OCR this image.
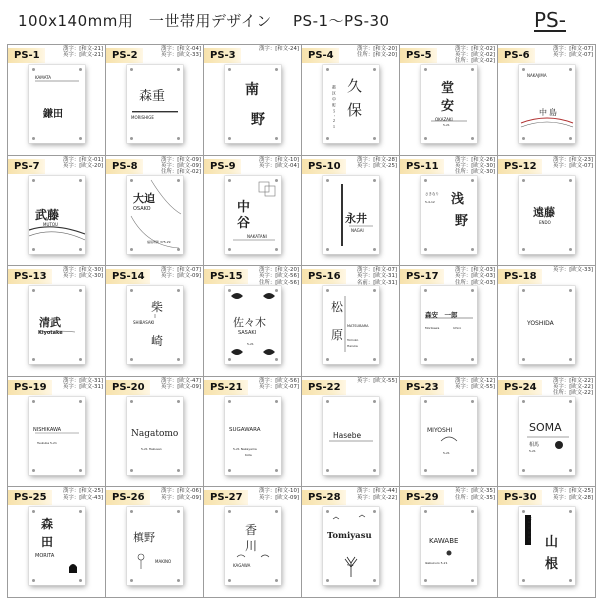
100x140mm用　一世帯用デザイン PS-1〜PS-30	PS-
PS-1
漢字：[和文-21]
英字：[欧文-21]
KAMATA
鎌田
PS-2
漢字：[和文-04]
英字：[欧文-33]
森重
MORISHIGE
PS-3
漢字：[和文-24]
南
野
PS-4
漢字：[和文-20]
住所：[和文-20]
久
保
都区中町５-２１
PS-5
漢字：[和文-02]
英字：[欧文-02]
住所：[欧文-02]
堂
安
OKAZAKI
5-21
PS-6
漢字：[和文-07]
英字：[欧文-07]
NAKAJIMA
中 島
PS-7
漢字：[和文-01]
英字：[欧文-20]
武藤
MUTOU
PS-8
漢字：[和文-09]
英字：[欧文-09]
住所：[和文-02]
大迫
OSAKO
福島県新 375-29
PS-9
漢字：[和文-10]
英字：[欧文-04]
中
谷
NAKATANI
PS-10
漢字：[和文-28]
英字：[欧文-25]
永井
NAGAI
PS-11
漢字：[和文-26]
英字：[欧文-30]
住所：[欧文-30]
浅
野
さきなり
5-4-12
PS-12
漢字：[和文-23]
英字：[欧文-07]
遠藤
ENDO
PS-13
漢字：[和文-30]
英字：[欧文-30]
清武
Kiyotake
PS-14
漢字：[和文-07]
英字：[欧文-09]
柴
SHIBASAKI
崎
PS-15
漢字：[和文-20]
英字：[欧文-56]
住所：[欧文-56]
佐々木
SASAKI
5-21
PS-16
漢字：[和文-07]
英字：[欧文-31]
名前：[欧文-31]
松
原
MATSUBARA
Tomoko
Haruka
PS-17
漢字：[和文-03]
英字：[欧文-03]
住所：[欧文-03]
森安　一郎
Morikawa	Ichiro
PS-18
英字：[欧文-33]
YOSHIDA
PS-19
漢字：[欧文-31]
英字：[欧文-31]
NISHIKAWA
Tsukuba 5-21
PS-20
漢字：[欧文-47]
英字：[欧文-09]
Nagatomo
5-21 Hakusan
PS-21
漢字：[欧文-56]
英字：[欧文-07]
SUGAWARA
5-21 Nakayama
Kota
PS-22
英字：[欧文-55]
Hasebe
PS-23
漢字：[欧文-12]
英字：[欧文-55]
MIYOSHI
5-21
PS-24
漢字：[和文-22]
英字：[欧文-22]
住所：[欧文-22]
SOMA
相馬
5-21
PS-25
漢字：[和文-25]
英字：[欧文-43]
森
田
MORITA
PS-26
漢字：[和文-06]
英字：[欧文-09]
槙野
MAKINO
PS-27
漢字：[和文-10]
英字：[欧文-09]
香
川
KAGAWA
PS-28
漢字：[和文-44]
英字：[欧文-22]
Tomiyasu
5-21
PS-29
英字：[欧文-35]
住所：[欧文-35]
KAWABE
Ikebukuro 5-21
PS-30
漢字：[和文-25]
英字：[欧文-28]
Yamane 山
根
